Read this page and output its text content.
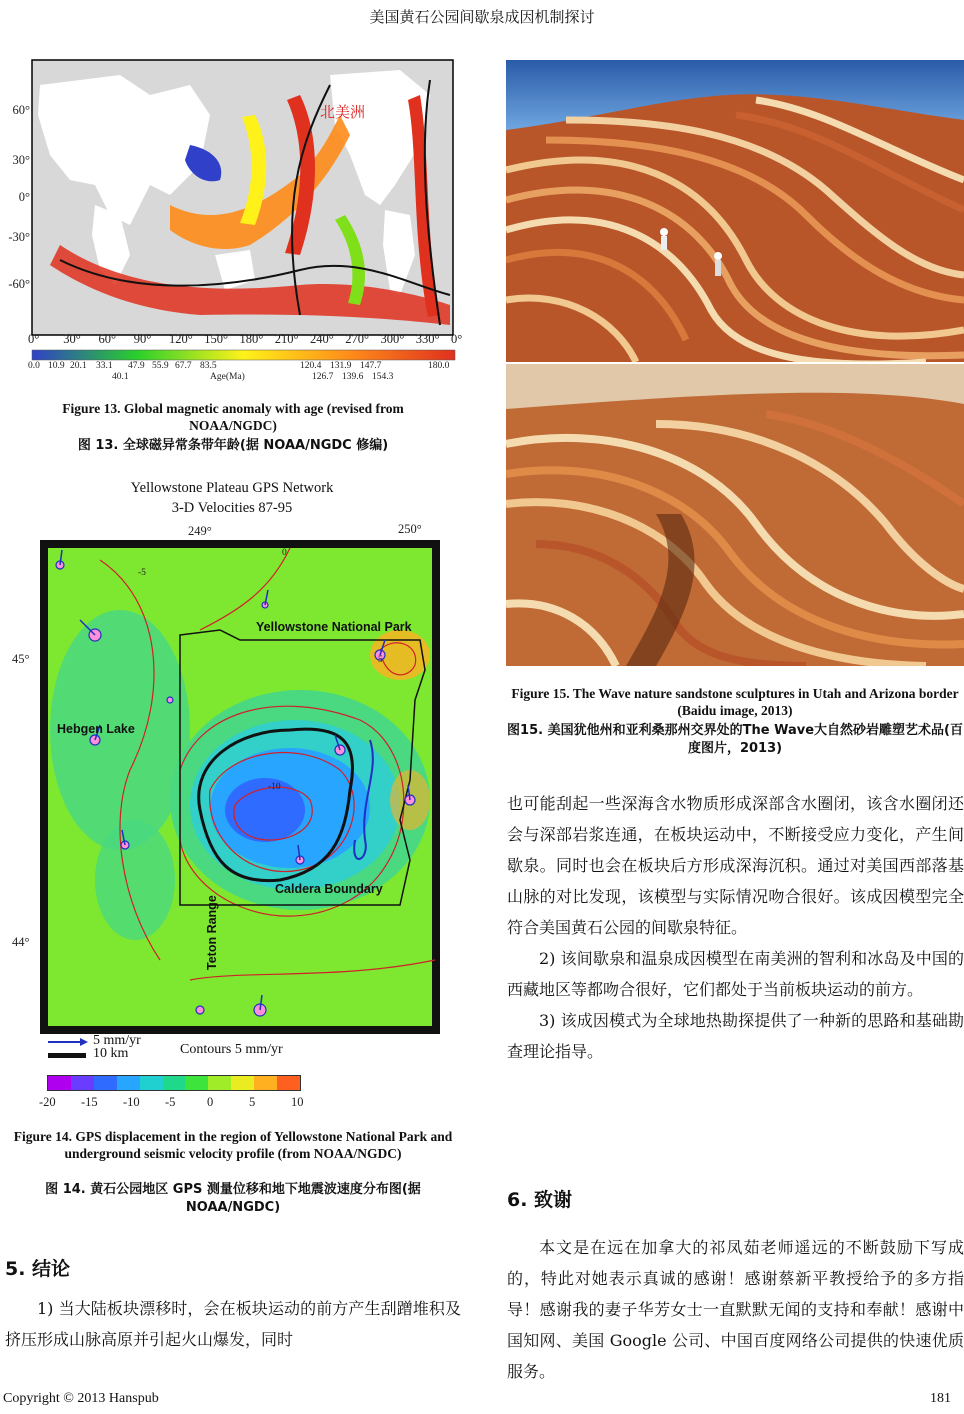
美国黄石公园间歇泉成因机制探讨
北美洲
60°
30°
0°
-30°
-60°
0° 30° 60° 90° 120° 150° 180° 210° 240° 270° 300° 330° 0°
0.0 10.9 20.1 33.1 47.9 55.9 67.7 83.5	120.4 131.9 147.7	180.0
40.1	Age(Ma)	126.7 139.6 154.3
Figure 13. Global magnetic anomaly with age (revised from NOAA/NGDC)
图 13. 全球磁异常条带年龄(据 NOAA/NGDC 修编)
Yellowstone Plateau GPS Network
3-D Velocities 87-95
249°	250°
45°
44°
Yellowstone National Park
Hebgen Lake
Caldera Boundary
Teton Range
0
-5
-10
5
5 mm/yr
10 km	Contours 5 mm/yr
-20 -15 -10 -5	0	5	10
Figure 14. GPS displacement in the region of Yellowstone National Park and underground seismic velocity profile (from NOAA/NGDC)
图 14. 黄石公园地区 GPS 测量位移和地下地震波速度分布图(据 NOAA/NGDC)
5. 结论

1) 当大陆板块漂移时，会在板块运动的前方产生刮蹭堆积及挤压形成山脉高原并引起火山爆发，同时

Figure 15. The Wave nature sandstone sculptures in Utah and Arizona border (Baidu image, 2013)
图15. 美国犹他州和亚利桑那州交界处的The Wave大自然砂岩雕塑艺术品(百度图片，2013)

也可能刮起一些深海含水物质形成深部含水圈闭，该含水圈闭还会与深部岩浆连通，在板块运动中，不断接受应力变化，产生间歇泉。同时也会在板块后方形成深海沉积。通过对美国西部落基山脉的对比发现，该模型与实际情况吻合很好。该成因模型完全符合美国黄石公园的间歇泉特征。

2) 该间歇泉和温泉成因模型在南美洲的智利和冰岛及中国的西藏地区等都吻合很好，它们都处于当前板块运动的前方。

3) 该成因模式为全球地热勘探提供了一种新的思路和基础勘查理论指导。

6. 致谢

本文是在远在加拿大的祁凤茹老师遥远的不断鼓励下写成的，特此对她表示真诚的感谢！感谢蔡新平教授给予的多方指导！感谢我的妻子华芳女士一直默默无闻的支持和奉献！感谢中国知网、美国 Google 公司、中国百度网络公司提供的快速优质服务。

Copyright © 2013 Hanspub	181
